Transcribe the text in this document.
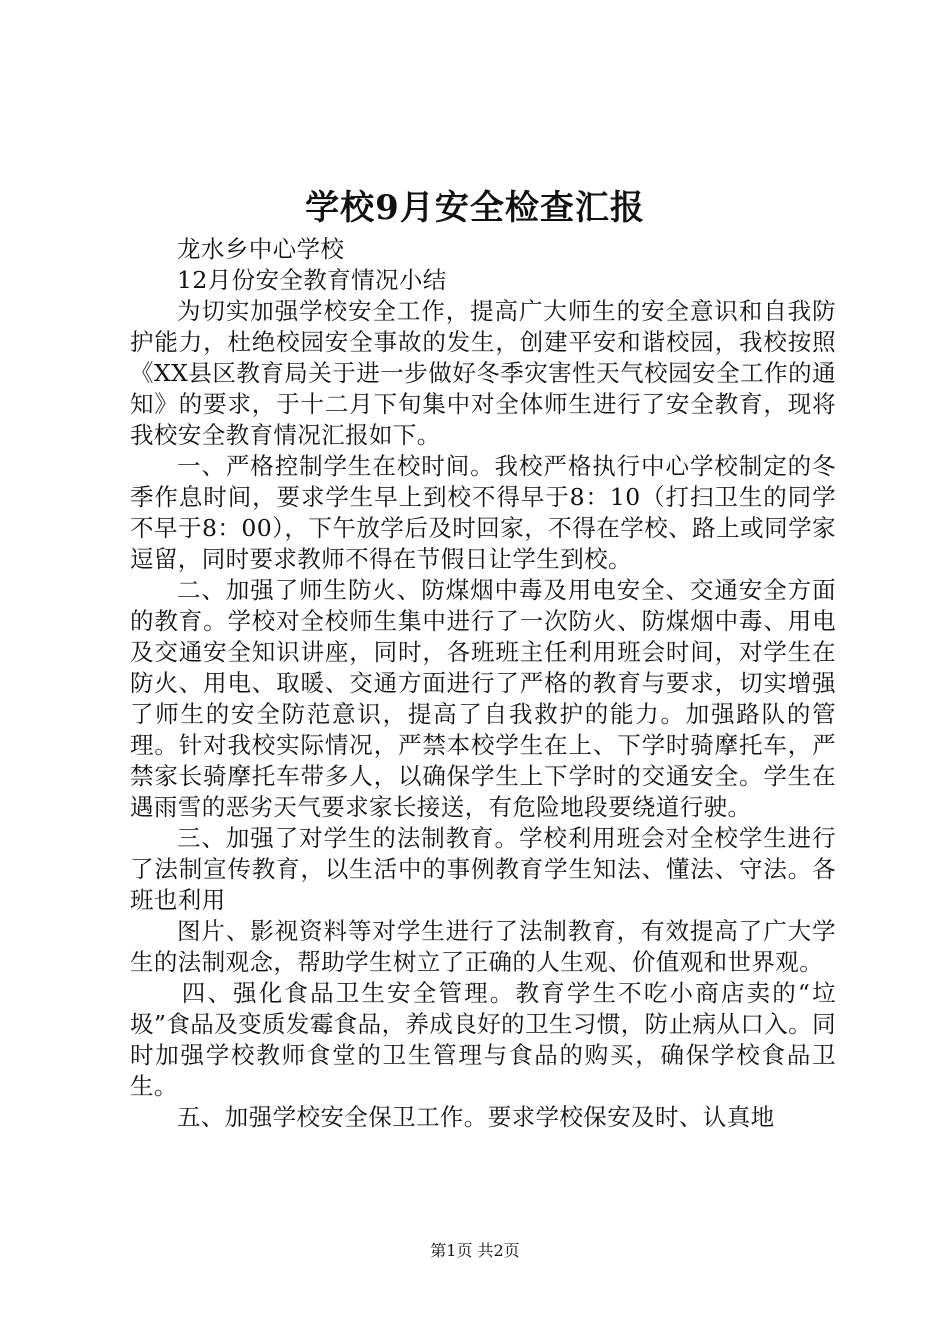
学校9月安全检查汇报

龙水乡中心学校

12月份安全教育情况小结

为切实加强学校安全工作，提高广大师生的安全意识和自我防护能力，杜绝校园安全事故的发生，创建平安和谐校园，我校按照《XX县区教育局关于进一步做好冬季灾害性天气校园安全工作的通知》的要求，于十二月下旬集中对全体师生进行了安全教育，现将我校安全教育情况汇报如下。

一、严格控制学生在校时间。我校严格执行中心学校制定的冬季作息时间，要求学生早上到校不得早于8：10（打扫卫生的同学不早于8：00），下午放学后及时回家，不得在学校、路上或同学家逗留，同时要求教师不得在节假日让学生到校。

二、加强了师生防火、防煤烟中毒及用电安全、交通安全方面的教育。学校对全校师生集中进行了一次防火、防煤烟中毒、用电及交通安全知识讲座，同时，各班班主任利用班会时间，对学生在防火、用电、取暖、交通方面进行了严格的教育与要求，切实增强了师生的安全防范意识，提高了自我救护的能力。加强路队的管理。针对我校实际情况，严禁本校学生在上、下学时骑摩托车，严禁家长骑摩托车带多人，以确保学生上下学时的交通安全。学生在遇雨雪的恶劣天气要求家长接送，有危险地段要绕道行驶。

三、加强了对学生的法制教育。学校利用班会对全校学生进行了法制宣传教育，以生活中的事例教育学生知法、懂法、守法。各班也利用

图片、影视资料等对学生进行了法制教育，有效提高了广大学生的法制观念，帮助学生树立了正确的人生观、价值观和世界观。

四、强化食品卫生安全管理。教育学生不吃小商店卖的“垃圾”食品及变质发霉食品，养成良好的卫生习惯，防止病从口入。同时加强学校教师食堂的卫生管理与食品的购买，确保学校食品卫生。

五、加强学校安全保卫工作。要求学校保安及时、认真地

第1页 共2页
